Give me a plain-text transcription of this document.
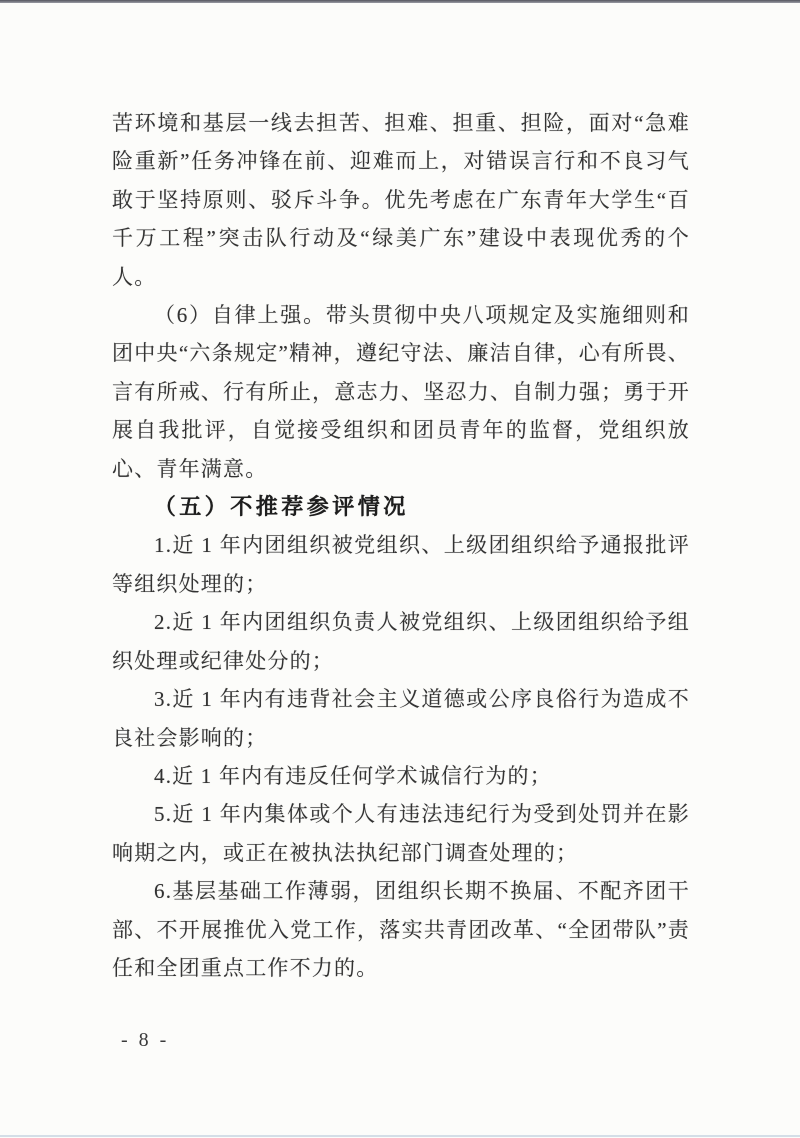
苦环境和基层一线去担苦、担难、担重、担险，面对“急难险重新”任务冲锋在前、迎难而上，对错误言行和不良习气敢于坚持原则、驳斥斗争。优先考虑在广东青年大学生“百千万工程”突击队行动及“绿美广东”建设中表现优秀的个人。

（6）自律上强。带头贯彻中央八项规定及实施细则和团中央“六条规定”精神，遵纪守法、廉洁自律，心有所畏、言有所戒、行有所止，意志力、坚忍力、自制力强；勇于开展自我批评，自觉接受组织和团员青年的监督，党组织放心、青年满意。

（五）不推荐参评情况

1.近 1 年内团组织被党组织、上级团组织给予通报批评等组织处理的；

2.近 1 年内团组织负责人被党组织、上级团组织给予组织处理或纪律处分的；

3.近 1 年内有违背社会主义道德或公序良俗行为造成不良社会影响的；

4.近 1 年内有违反任何学术诚信行为的；

5.近 1 年内集体或个人有违法违纪行为受到处罚并在影响期之内，或正在被执法执纪部门调查处理的；

6.基层基础工作薄弱，团组织长期不换届、不配齐团干部、不开展推优入党工作，落实共青团改革、“全团带队”责任和全团重点工作不力的。

- 8 -
